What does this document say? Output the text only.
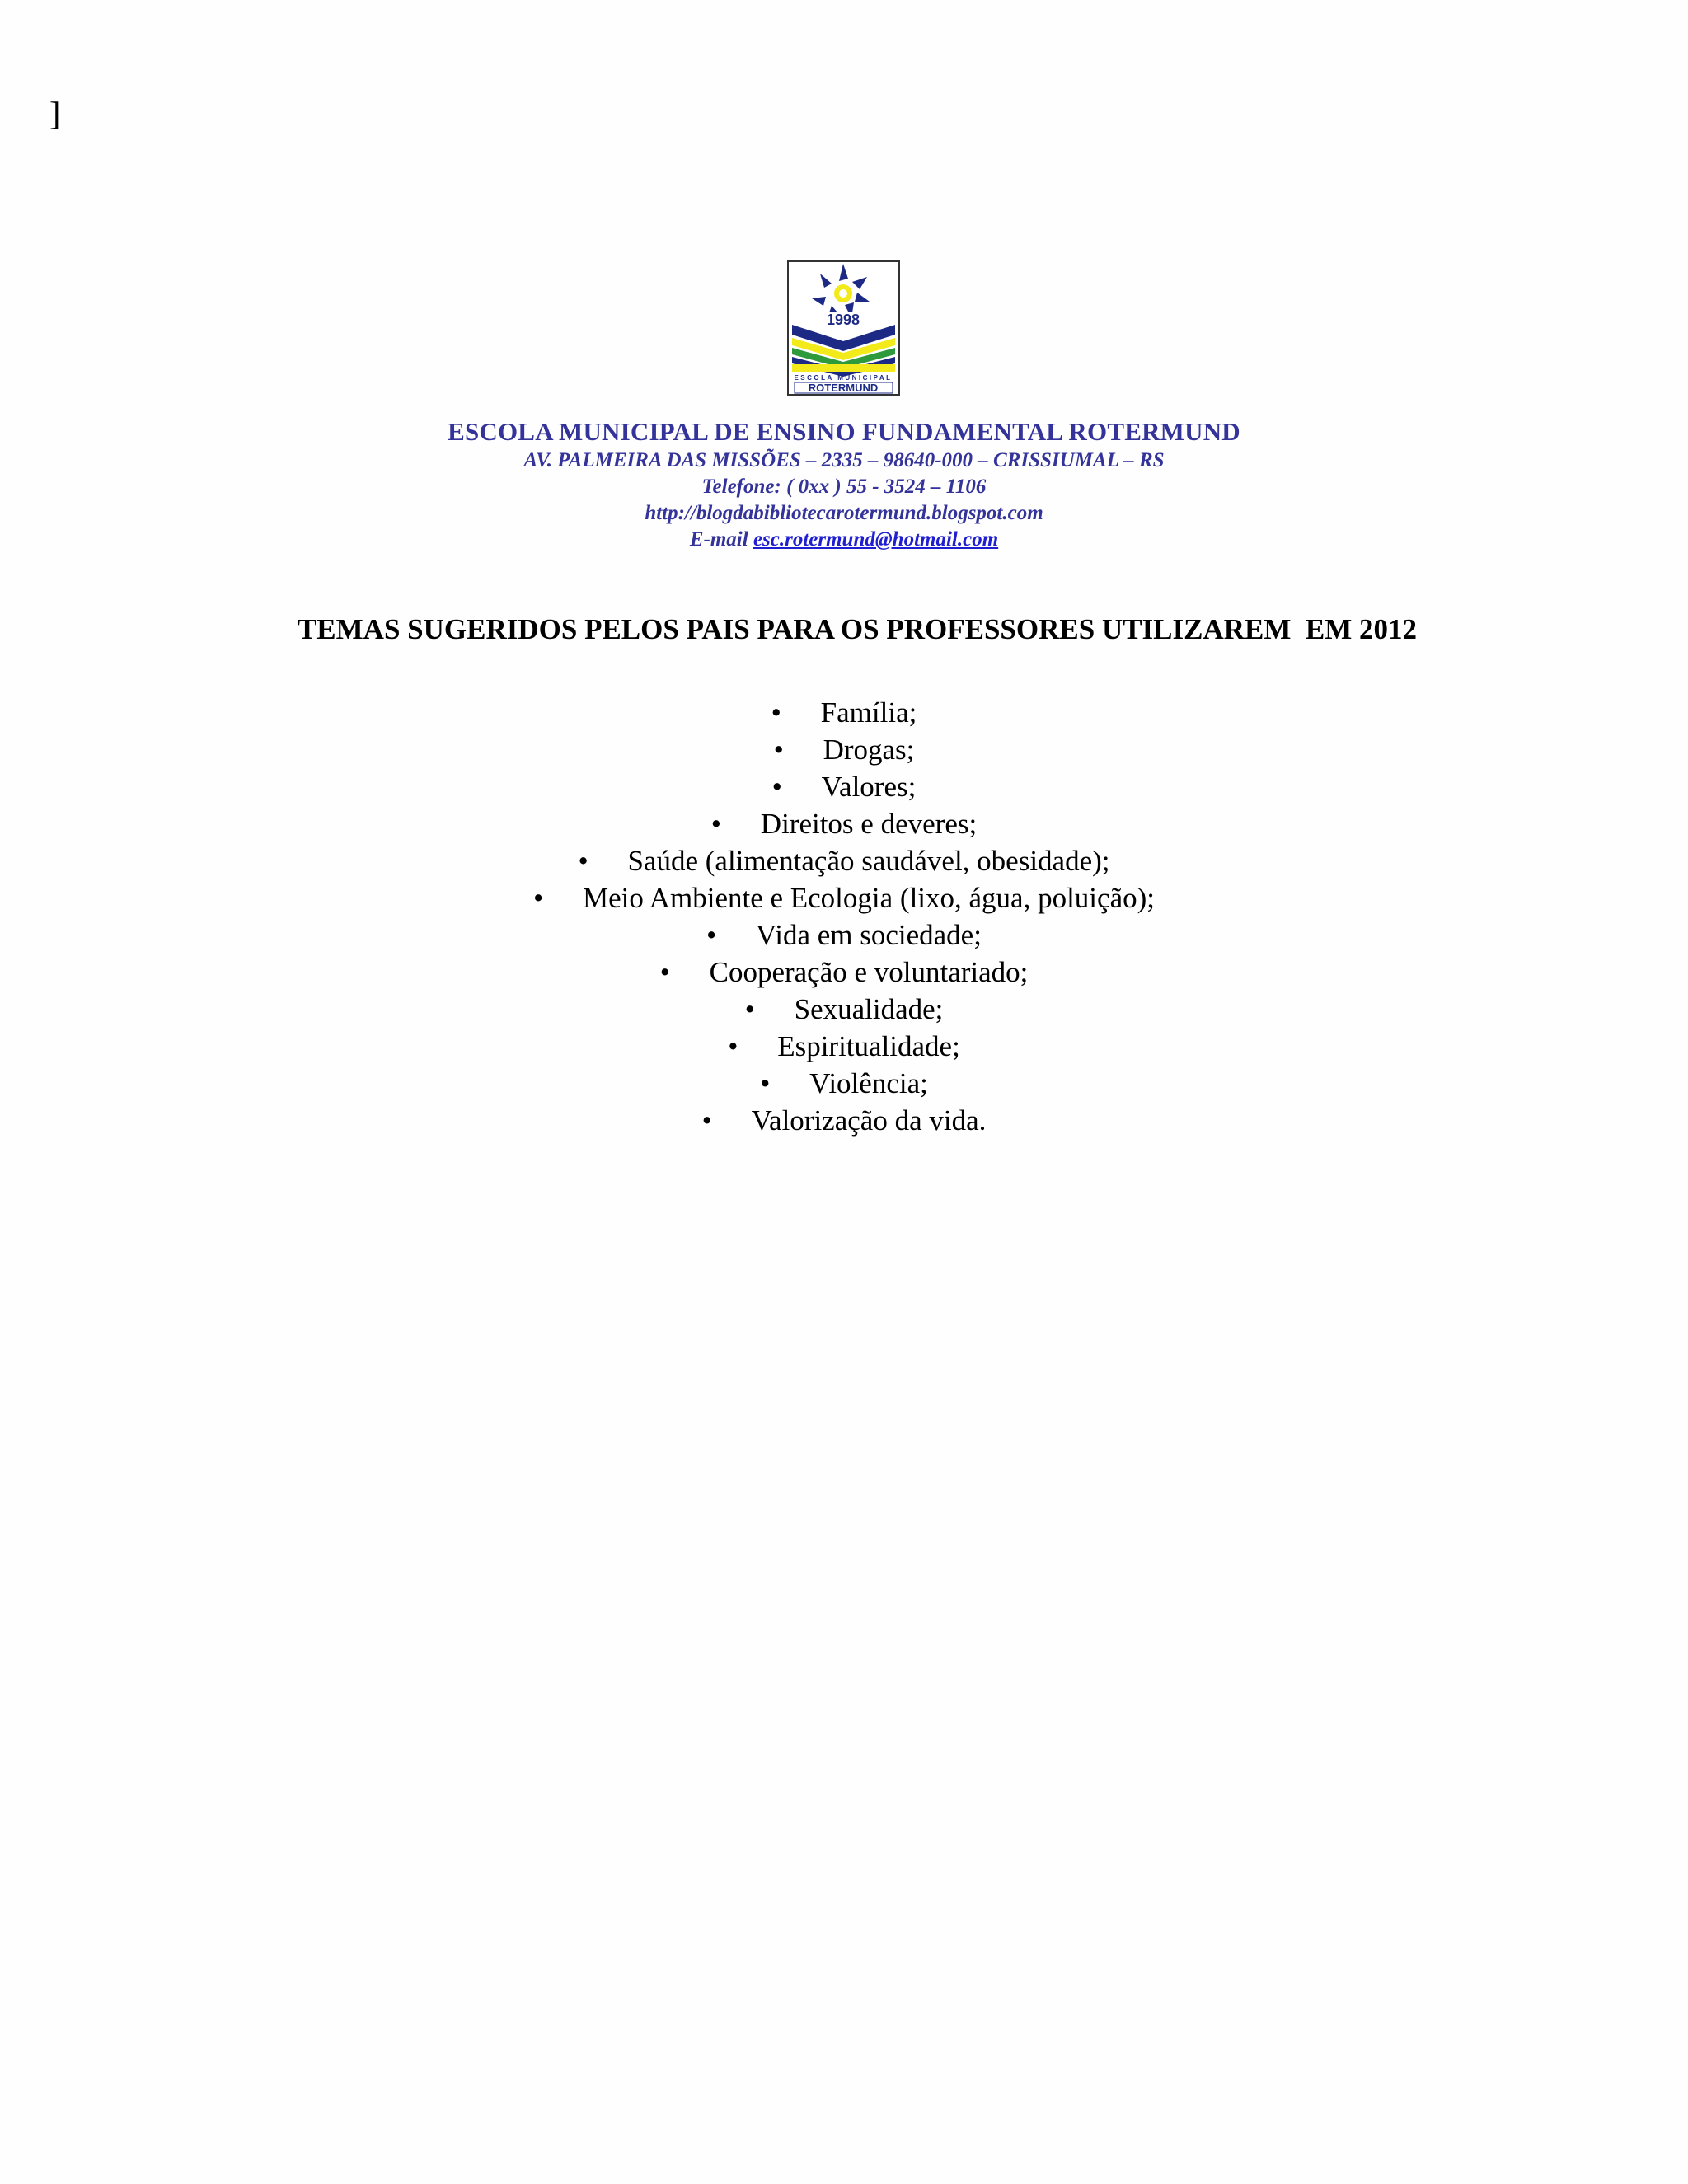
]
1998
ESCOLA MUNICIPAL
ROTERMUND
ESCOLA MUNICIPAL DE ENSINO FUNDAMENTAL ROTERMUND
AV. PALMEIRA DAS MISSÕES – 2335 – 98640-000 – CRISSIUMAL – RS
Telefone: ( 0xx ) 55 - 3524 – 1106
http://blogdabibliotecarotermund.blogspot.com
E-mail esc.rotermund@hotmail.com
TEMAS SUGERIDOS PELOS PAIS PARA OS PROFESSORES UTILIZAREM  EM 2012
• Família;
• Drogas;
• Valores;
• Direitos e deveres;
• Saúde (alimentação saudável, obesidade);
• Meio Ambiente e Ecologia (lixo, água, poluição);
• Vida em sociedade;
• Cooperação e voluntariado;
• Sexualidade;
• Espiritualidade;
• Violência;
• Valorização da vida.
